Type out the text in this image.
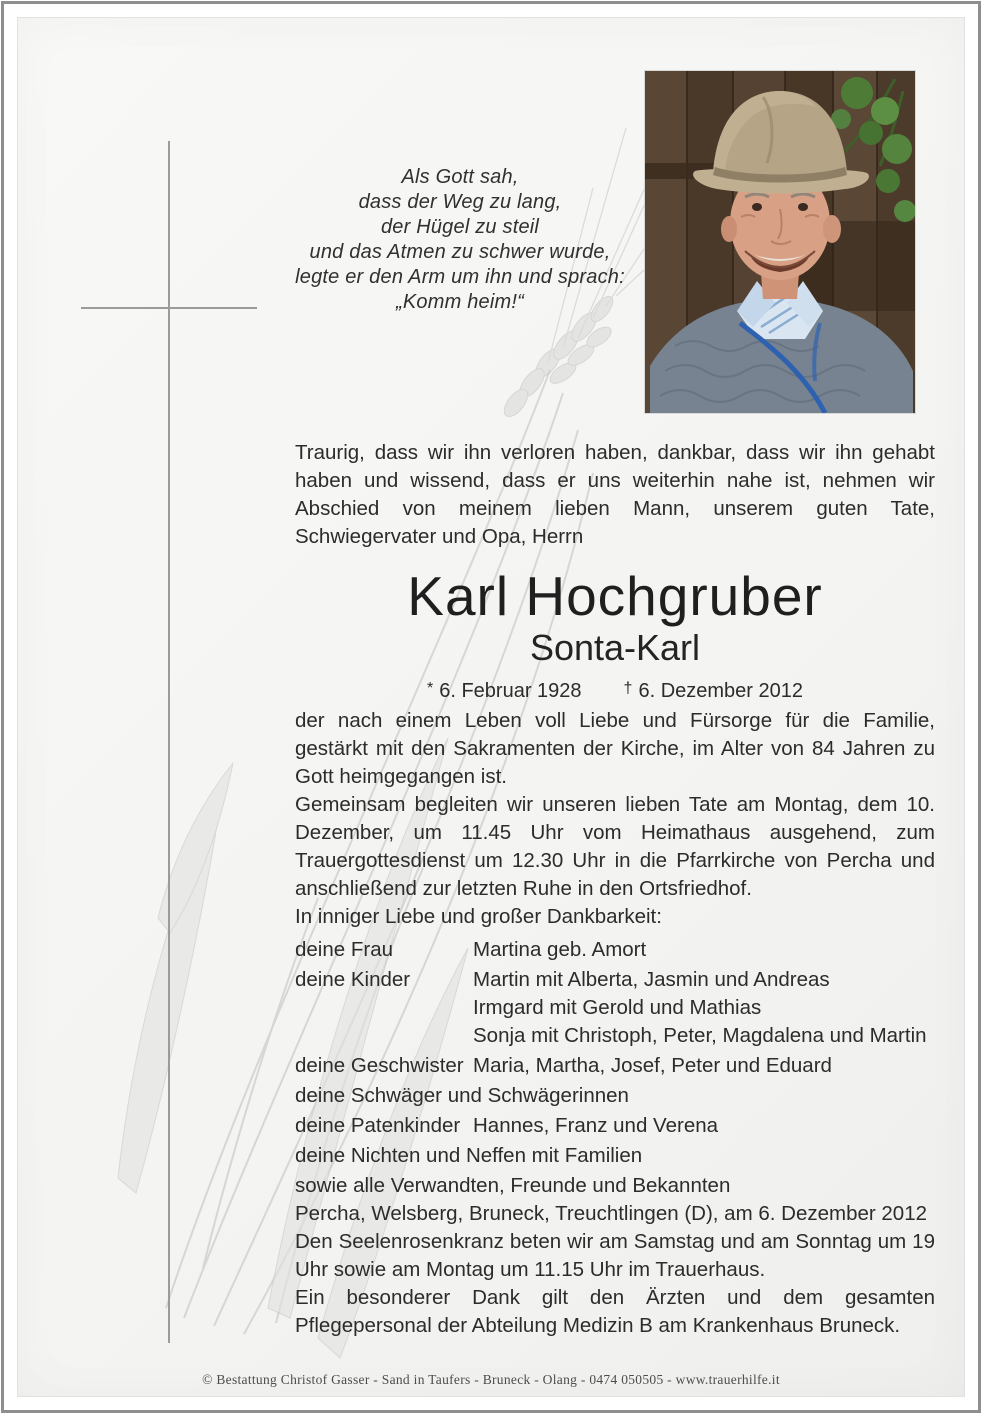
Als Gott sah,
dass der Weg zu lang,
der Hügel zu steil
und das Atmen zu schwer wurde,
legte er den Arm um ihn und sprach:
„Komm heim!“

Traurig, dass wir ihn verloren haben, dankbar, dass wir ihn gehabt haben und wissend, dass er uns weiterhin nahe ist, nehmen wir Abschied von meinem lieben Mann, unserem guten Tate, Schwiegervater und Opa, Herrn

Karl Hochgruber
Sonta-Karl
* 6. Februar 1928	† 6. Dezember 2012

der nach einem Leben voll Liebe und Fürsorge für die Familie, gestärkt mit den Sakramenten der Kirche, im Alter von 84 Jahren zu Gott heimgegangen ist.

Gemeinsam begleiten wir unseren lieben Tate am Montag, dem 10. Dezember, um 11.45 Uhr vom Heimathaus ausgehend, zum Trauergottesdienst um 12.30 Uhr in die Pfarrkirche von Percha und anschließend zur letzten Ruhe in den Ortsfriedhof.

In inniger Liebe und großer Dankbarkeit:

deine Frau	Martina geb. Amort
deine Kinder	Martin mit Alberta, Jasmin und Andreas
Irmgard mit Gerold und Mathias
Sonja mit Christoph, Peter, Magdalena und Martin
deine Geschwister Maria, Martha, Josef, Peter und Eduard
deine Schwäger und Schwägerinnen
deine Patenkinder Hannes, Franz und Verena
deine Nichten und Neffen mit Familien
sowie alle Verwandten, Freunde und Bekannten

Percha, Welsberg, Bruneck, Treuchtlingen (D), am 6. Dezember 2012

Den Seelenrosenkranz beten wir am Samstag und am Sonntag um 19 Uhr sowie am Montag um 11.15 Uhr im Trauerhaus.

Ein besonderer Dank gilt den Ärzten und dem gesamten Pflegepersonal der Abteilung Medizin B am Krankenhaus Bruneck.

© Bestattung Christof Gasser - Sand in Taufers - Bruneck - Olang - 0474 050505 - www.trauerhilfe.it
